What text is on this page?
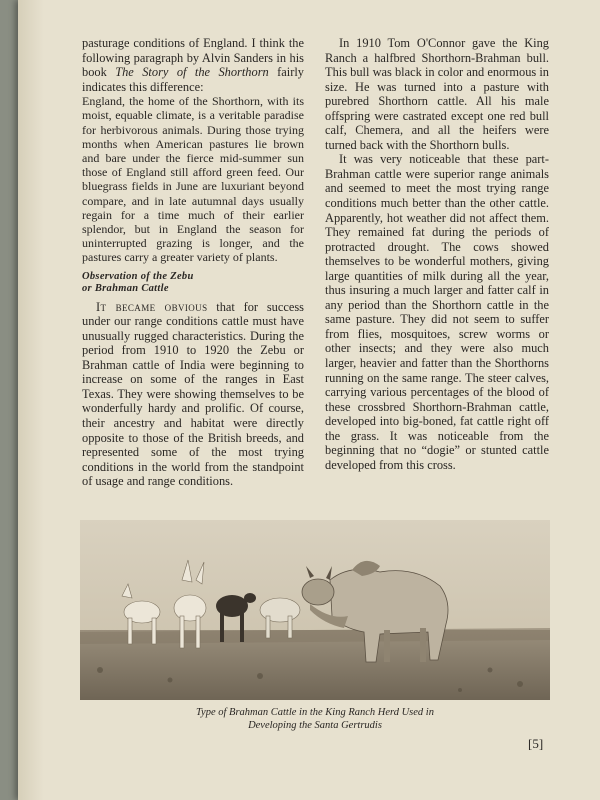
pasturage conditions of England. I think the following paragraph by Alvin Sanders in his book The Story of the Shorthorn fairly indicates this difference:

England, the home of the Shorthorn, with its moist, equable climate, is a veritable paradise for herbivorous animals. During those trying months when American pastures lie brown and bare under the fierce mid-summer sun those of England still afford green feed. Our bluegrass fields in June are luxuriant beyond compare, and in late autumnal days usually regain for a time much of their earlier splendor, but in England the season for uninterrupted grazing is longer, and the pastures carry a greater variety of plants.

Observation of the Zebu
or Brahman Cattle

It became obvious that for success under our range conditions cattle must have unusually rugged characteristics. During the period from 1910 to 1920 the Zebu or Brahman cattle of India were beginning to increase on some of the ranges in East Texas. They were showing themselves to be wonderfully hardy and prolific. Of course, their ancestry and habitat were directly opposite to those of the British breeds, and represented some of the most trying conditions in the world from the standpoint of usage and range conditions.

In 1910 Tom O'Connor gave the King Ranch a halfbred Shorthorn-Brahman bull. This bull was black in color and enormous in size. He was turned into a pasture with purebred Shorthorn cattle. All his male offspring were castrated except one red bull calf, Chemera, and all the heifers were turned back with the Shorthorn bulls.

It was very noticeable that these part-Brahman cattle were superior range animals and seemed to meet the most trying range conditions much better than the other cattle. Apparently, hot weather did not affect them. They remained fat during the periods of protracted drought. The cows showed themselves to be wonderful mothers, giving large quantities of milk during all the year, thus insuring a much larger and fatter calf in any period than the Shorthorn cattle in the same pasture. They did not seem to suffer from flies, mosquitoes, screw worms or other insects; and they were also much larger, heavier and fatter than the Shorthorns running on the same range. The steer calves, carrying various percentages of the blood of these crossbred Shorthorn-Brahman cattle, developed into big-boned, fat cattle right off the grass. It was noticeable from the beginning that no “dogie” or stunted cattle developed from this cross.

Type of Brahman Cattle in the King Ranch Herd Used in
Developing the Santa Gertrudis
[5]
